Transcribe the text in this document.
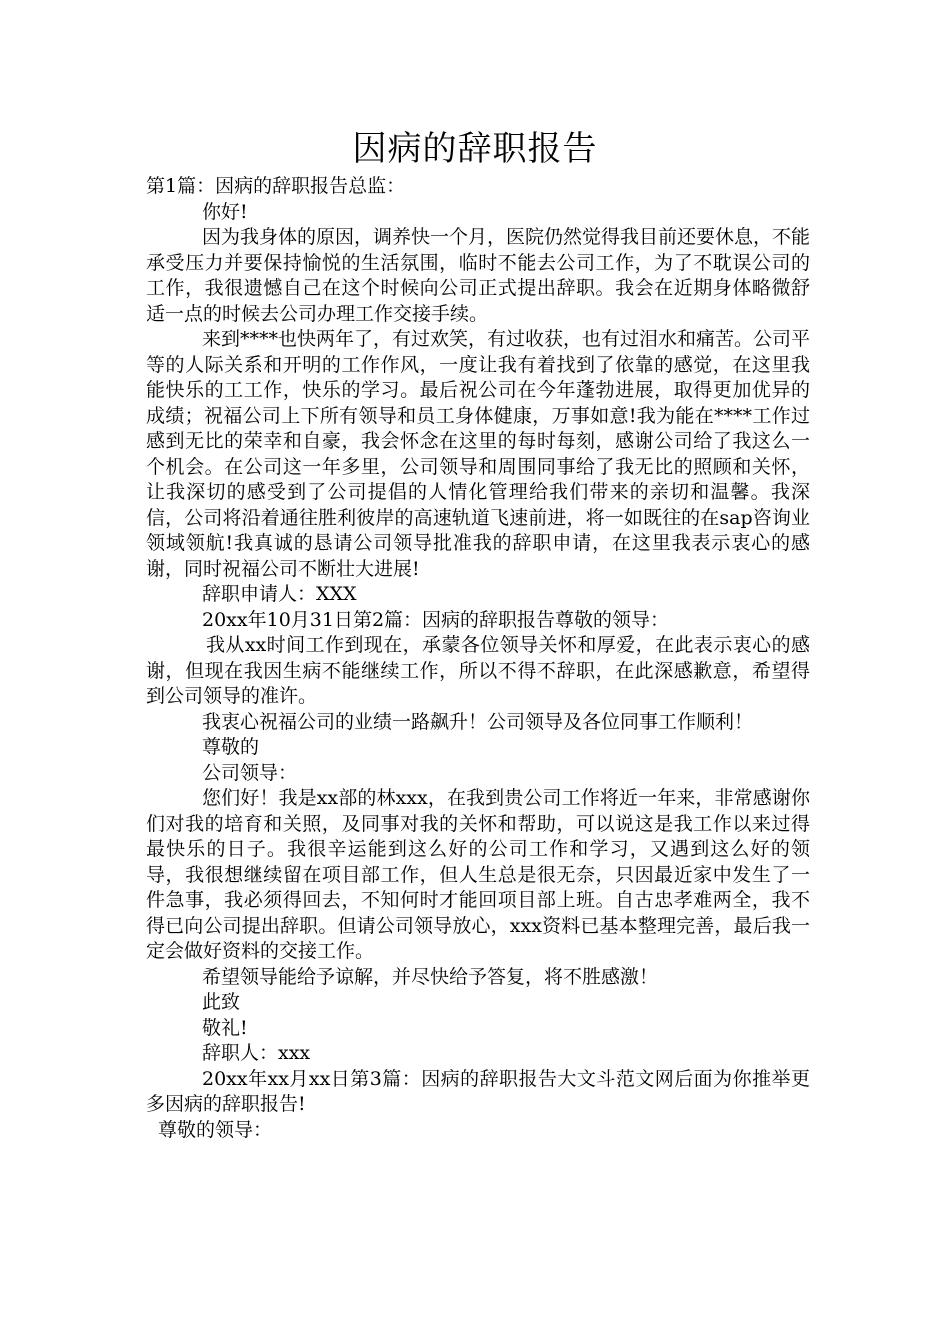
因病的辞职报告

第1篇：因病的辞职报告总监：

你好!

因为我身体的原因，调养快一个月，医院仍然觉得我目前还要休息，不能承受压力并要保持愉悦的生活氛围，临时不能去公司工作，为了不耽误公司的工作，我很遗憾自己在这个时候向公司正式提出辞职。我会在近期身体略微舒适一点的时候去公司办理工作交接手续。

来到****也快两年了，有过欢笑，有过收获，也有过泪水和痛苦。公司平等的人际关系和开明的工作作风，一度让我有着找到了依靠的感觉，在这里我能快乐的工工作，快乐的学习。最后祝公司在今年蓬勃进展，取得更加优异的成绩；祝福公司上下所有领导和员工身体健康，万事如意!我为能在****工作过感到无比的荣幸和自豪，我会怀念在这里的每时每刻，感谢公司给了我这么一个机会。在公司这一年多里，公司领导和周围同事给了我无比的照顾和关怀，让我深切的感受到了公司提倡的人情化管理给我们带来的亲切和温馨。我深信，公司将沿着通往胜利彼岸的高速轨道飞速前进，将一如既往的在sap咨询业领域领航!我真诚的恳请公司领导批准我的辞职申请，在这里我表示衷心的感谢，同时祝福公司不断壮大进展!

辞职申请人：XXX

20xx年10月31日第2篇：因病的辞职报告尊敬的领导：

我从xx时间工作到现在，承蒙各位领导关怀和厚爱，在此表示衷心的感谢，但现在我因生病不能继续工作，所以不得不辞职，在此深感歉意，希望得到公司领导的准许。

我衷心祝福公司的业绩一路飙升！公司领导及各位同事工作顺利！

尊敬的

公司领导：

您们好！我是xx部的林xxx，在我到贵公司工作将近一年来，非常感谢你们对我的培育和关照，及同事对我的关怀和帮助，可以说这是我工作以来过得最快乐的日子。我很辛运能到这么好的公司工作和学习，又遇到这么好的领导，我很想继续留在项目部工作，但人生总是很无奈，只因最近家中发生了一件急事，我必须得回去，不知何时才能回项目部上班。自古忠孝难两全，我不得已向公司提出辞职。但请公司领导放心，xxx资料已基本整理完善，最后我一定会做好资料的交接工作。

希望领导能给予谅解，并尽快给予答复，将不胜感激！

此致

敬礼!

辞职人：xxx

20xx年xx月xx日第3篇：因病的辞职报告大文斗范文网后面为你推举更多因病的辞职报告!

尊敬的领导：
